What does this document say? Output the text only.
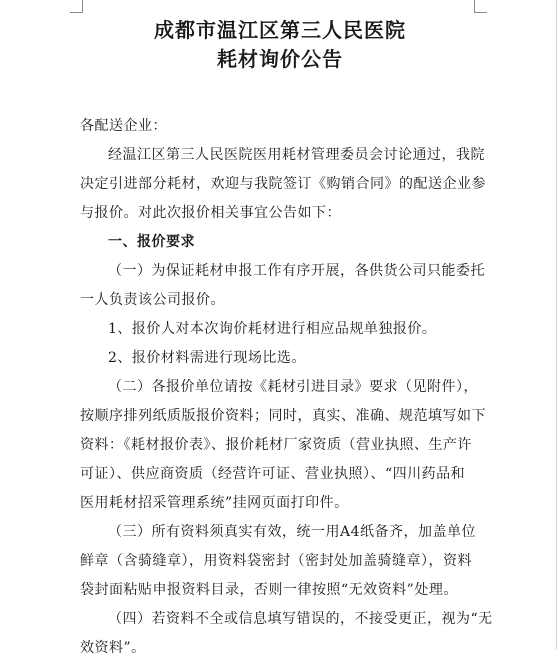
成都市温江区第三人民医院
耗材询价公告

各配送企业：

经温江区第三人民医院医用耗材管理委员会讨论通过，我院

决定引进部分耗材，欢迎与我院签订《购销合同》的配送企业参

与报价。对此次报价相关事宜公告如下：

一、报价要求

（一）为保证耗材申报工作有序开展，各供货公司只能委托

一人负责该公司报价。

1、报价人对本次询价耗材进行相应品规单独报价。

2、报价材料需进行现场比选。

（二）各报价单位请按《耗材引进目录》要求（见附件），

按顺序排列纸质版报价资料；同时，真实、准确、规范填写如下

资料：《耗材报价表》、报价耗材厂家资质（营业执照、生产许

可证）、供应商资质（经营许可证、营业执照）、“四川药品和

医用耗材招采管理系统”挂网页面打印件。

（三）所有资料须真实有效，统一用A4纸备齐，加盖单位

鲜章（含骑缝章），用资料袋密封（密封处加盖骑缝章），资料

袋封面粘贴申报资料目录，否则一律按照“无效资料”处理。

（四）若资料不全或信息填写错误的，不接受更正，视为“无

效资料”。
